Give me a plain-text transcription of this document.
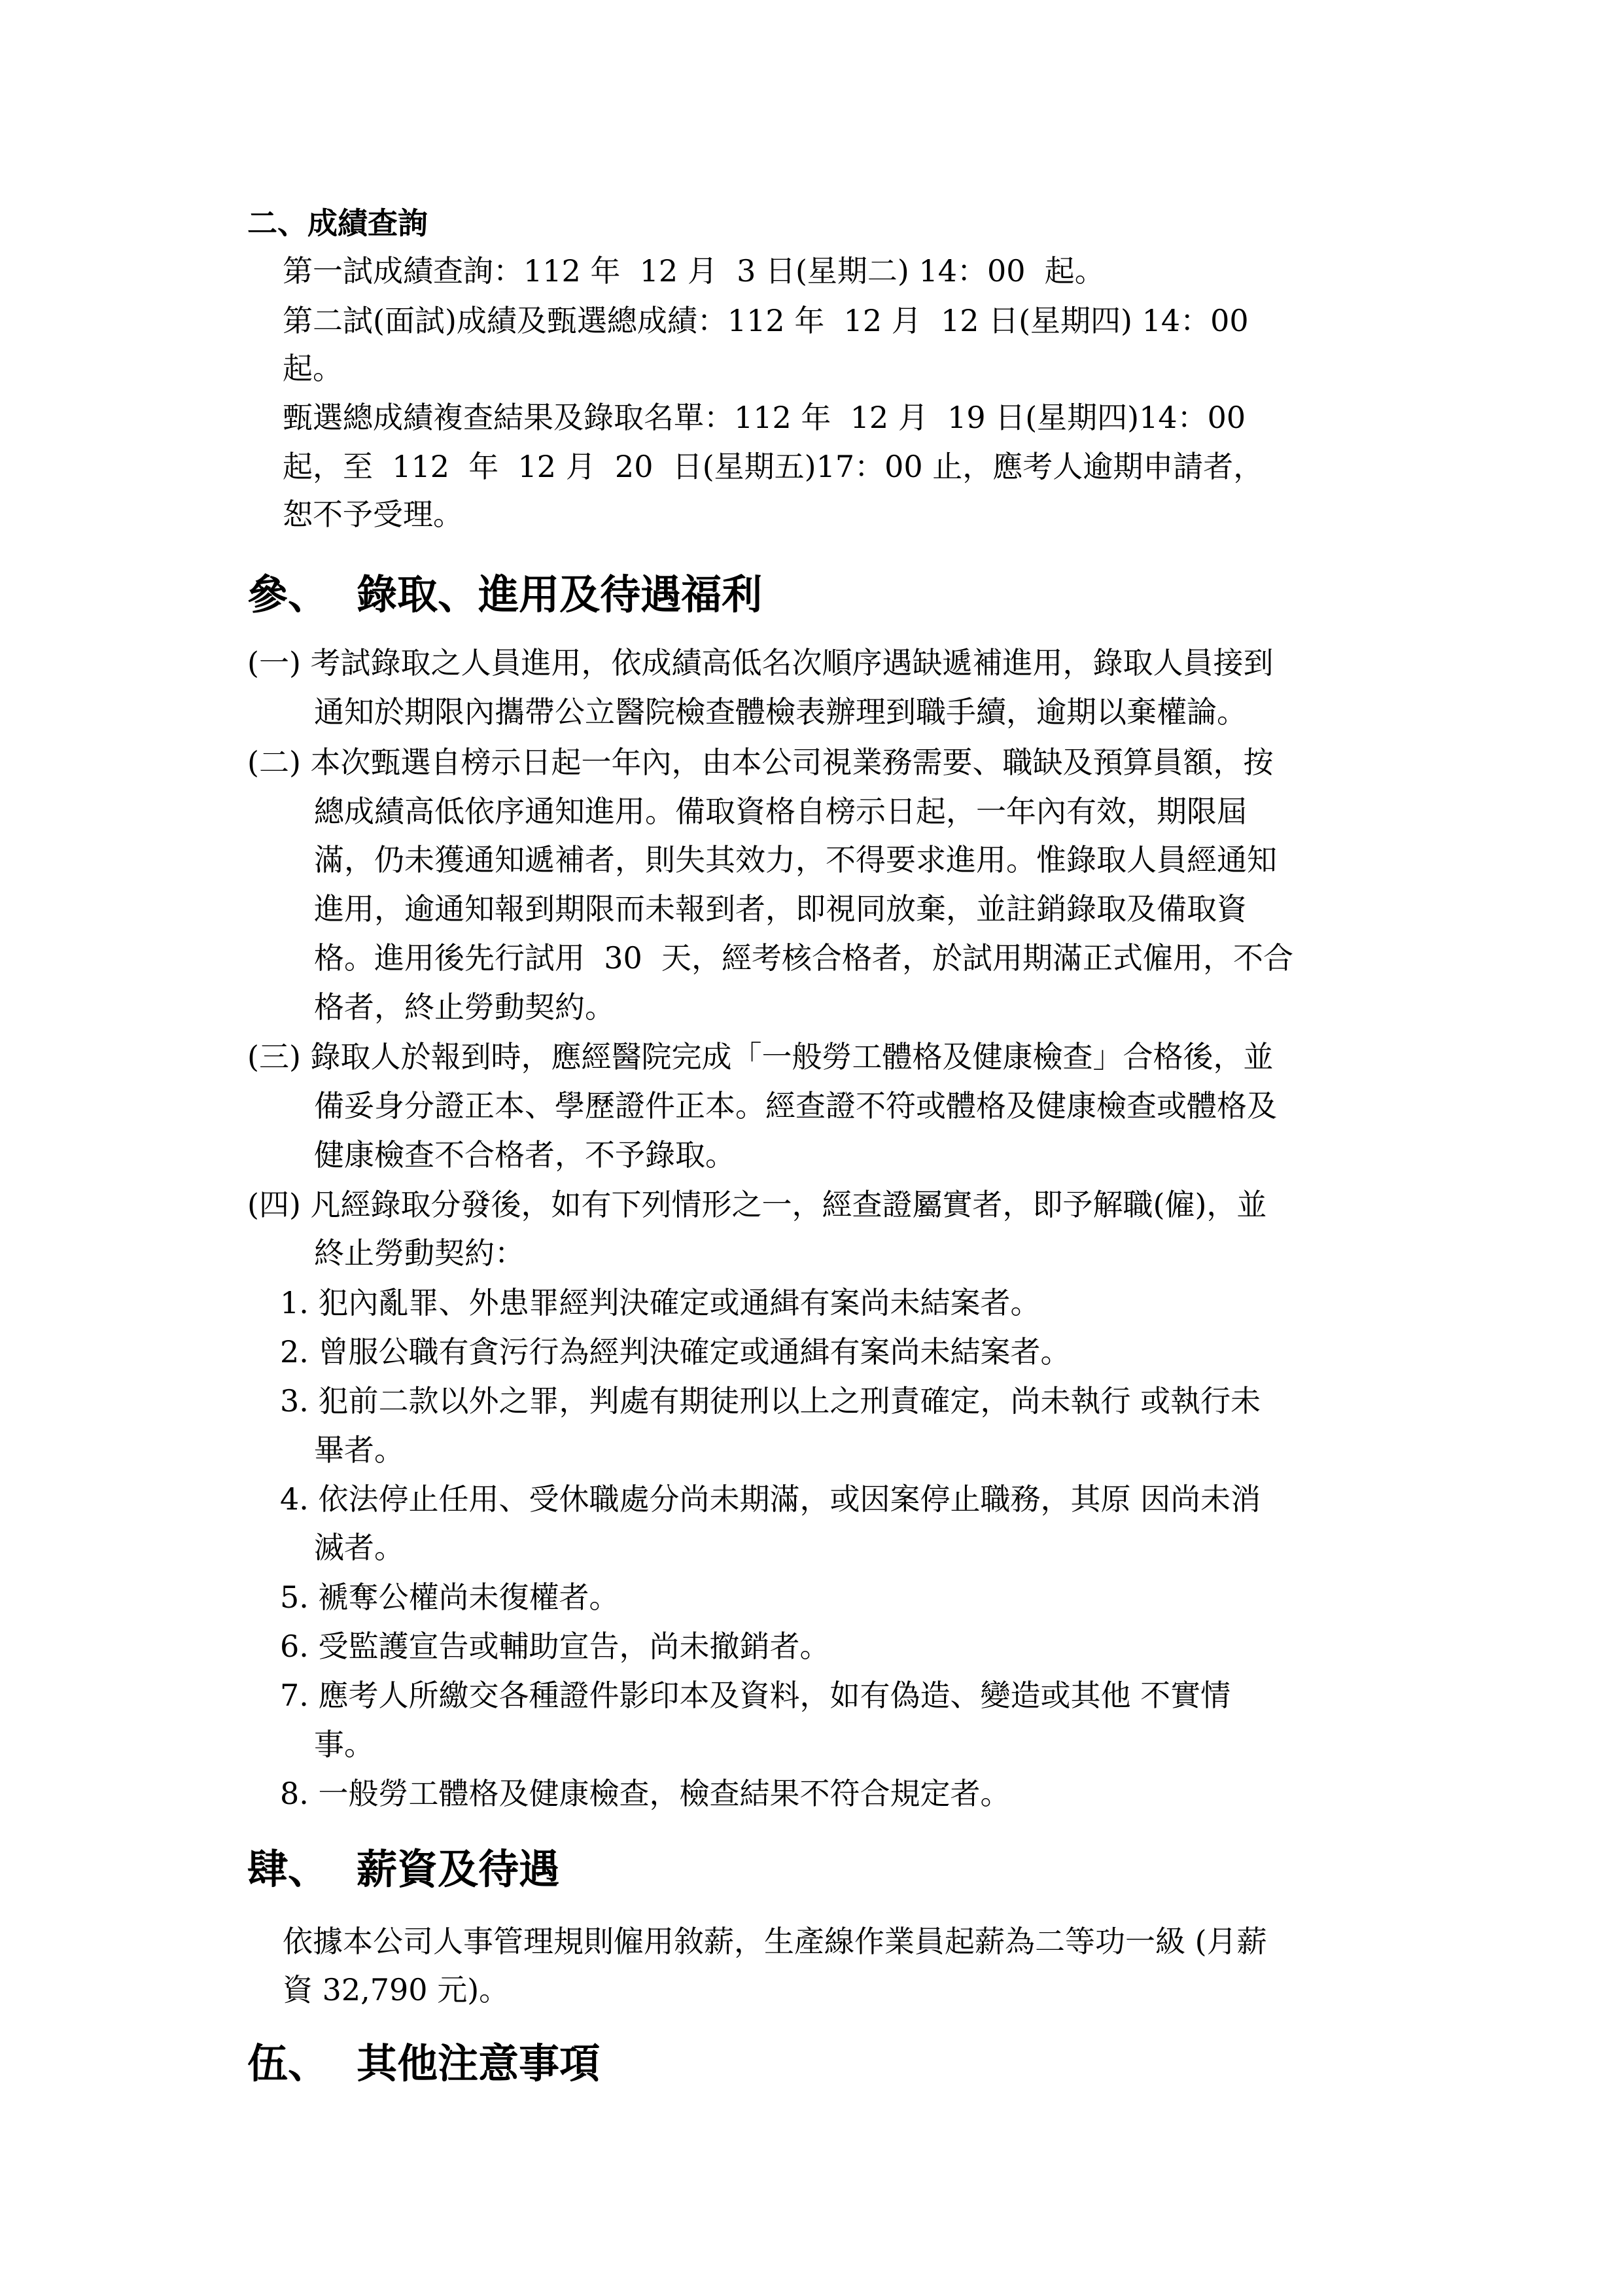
二、成績查詢
第一試成績查詢：112 年  12 月  3 日(星期二) 14：00  起。
第二試(面試)成績及甄選總成績：112 年  12 月  12 日(星期四) 14：00
起。
甄選總成績複查結果及錄取名單：112 年  12 月  19 日(星期四)14：00
起，至  112  年  12 月  20  日(星期五)17：00 止，應考人逾期申請者，
恕不予受理。
參、  錄取、進用及待遇福利
(一) 考試錄取之人員進用，依成績高低名次順序遇缺遞補進用，錄取人員接到
通知於期限內攜帶公立醫院檢查體檢表辦理到職手續，逾期以棄權論。
(二) 本次甄選自榜示日起一年內，由本公司視業務需要、職缺及預算員額，按
總成績高低依序通知進用。備取資格自榜示日起，一年內有效，期限屆
滿，仍未獲通知遞補者，則失其效力，不得要求進用。惟錄取人員經通知
進用，逾通知報到期限而未報到者，即視同放棄，並註銷錄取及備取資
格。進用後先行試用  30  天，經考核合格者，於試用期滿正式僱用，不合
格者，終止勞動契約。
(三) 錄取人於報到時，應經醫院完成「一般勞工體格及健康檢查」合格後，並
備妥身分證正本、學歷證件正本。經查證不符或體格及健康檢查或體格及
健康檢查不合格者，不予錄取。
(四) 凡經錄取分發後，如有下列情形之一，經查證屬實者，即予解職(僱)，並
終止勞動契約：
1. 犯內亂罪、外患罪經判決確定或通緝有案尚未結案者。
2. 曾服公職有貪污行為經判決確定或通緝有案尚未結案者。
3. 犯前二款以外之罪，判處有期徒刑以上之刑責確定，尚未執行 或執行未
畢者。
4. 依法停止任用、受休職處分尚未期滿，或因案停止職務，其原 因尚未消
滅者。
5. 褫奪公權尚未復權者。
6. 受監護宣告或輔助宣告，尚未撤銷者。
7. 應考人所繳交各種證件影印本及資料，如有偽造、變造或其他 不實情
事。
8. 一般勞工體格及健康檢查，檢查結果不符合規定者。
肆、  薪資及待遇
依據本公司人事管理規則僱用敘薪，生產線作業員起薪為二等功一級 (月薪
資 32,790 元)。
伍、  其他注意事項
